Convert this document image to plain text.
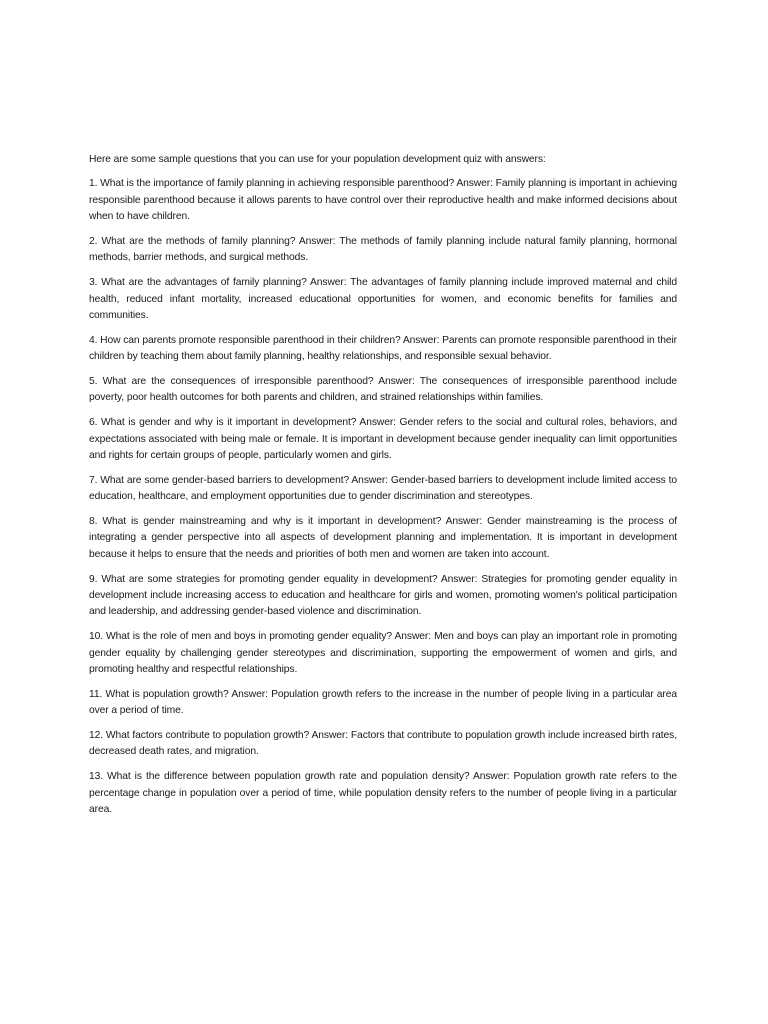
Here are some sample questions that you can use for your population development quiz with answers:

1. What is the importance of family planning in achieving responsible parenthood? Answer: Family planning is important in achieving responsible parenthood because it allows parents to have control over their reproductive health and make informed decisions about when to have children.

2. What are the methods of family planning? Answer: The methods of family planning include natural family planning, hormonal methods, barrier methods, and surgical methods.

3. What are the advantages of family planning? Answer: The advantages of family planning include improved maternal and child health, reduced infant mortality, increased educational opportunities for women, and economic benefits for families and communities.

4. How can parents promote responsible parenthood in their children? Answer: Parents can promote responsible parenthood in their children by teaching them about family planning, healthy relationships, and responsible sexual behavior.

5. What are the consequences of irresponsible parenthood? Answer: The consequences of irresponsible parenthood include poverty, poor health outcomes for both parents and children, and strained relationships within families.

6. What is gender and why is it important in development? Answer: Gender refers to the social and cultural roles, behaviors, and expectations associated with being male or female. It is important in development because gender inequality can limit opportunities and rights for certain groups of people, particularly women and girls.

7. What are some gender-based barriers to development? Answer: Gender-based barriers to development include limited access to education, healthcare, and employment opportunities due to gender discrimination and stereotypes.

8. What is gender mainstreaming and why is it important in development? Answer: Gender mainstreaming is the process of integrating a gender perspective into all aspects of development planning and implementation. It is important in development because it helps to ensure that the needs and priorities of both men and women are taken into account.

9. What are some strategies for promoting gender equality in development? Answer: Strategies for promoting gender equality in development include increasing access to education and healthcare for girls and women, promoting women's political participation and leadership, and addressing gender-based violence and discrimination.

10. What is the role of men and boys in promoting gender equality? Answer: Men and boys can play an important role in promoting gender equality by challenging gender stereotypes and discrimination, supporting the empowerment of women and girls, and promoting healthy and respectful relationships.

11. What is population growth? Answer: Population growth refers to the increase in the number of people living in a particular area over a period of time.

12. What factors contribute to population growth? Answer: Factors that contribute to population growth include increased birth rates, decreased death rates, and migration.

13. What is the difference between population growth rate and population density? Answer: Population growth rate refers to the percentage change in population over a period of time, while population density refers to the number of people living in a particular area.
